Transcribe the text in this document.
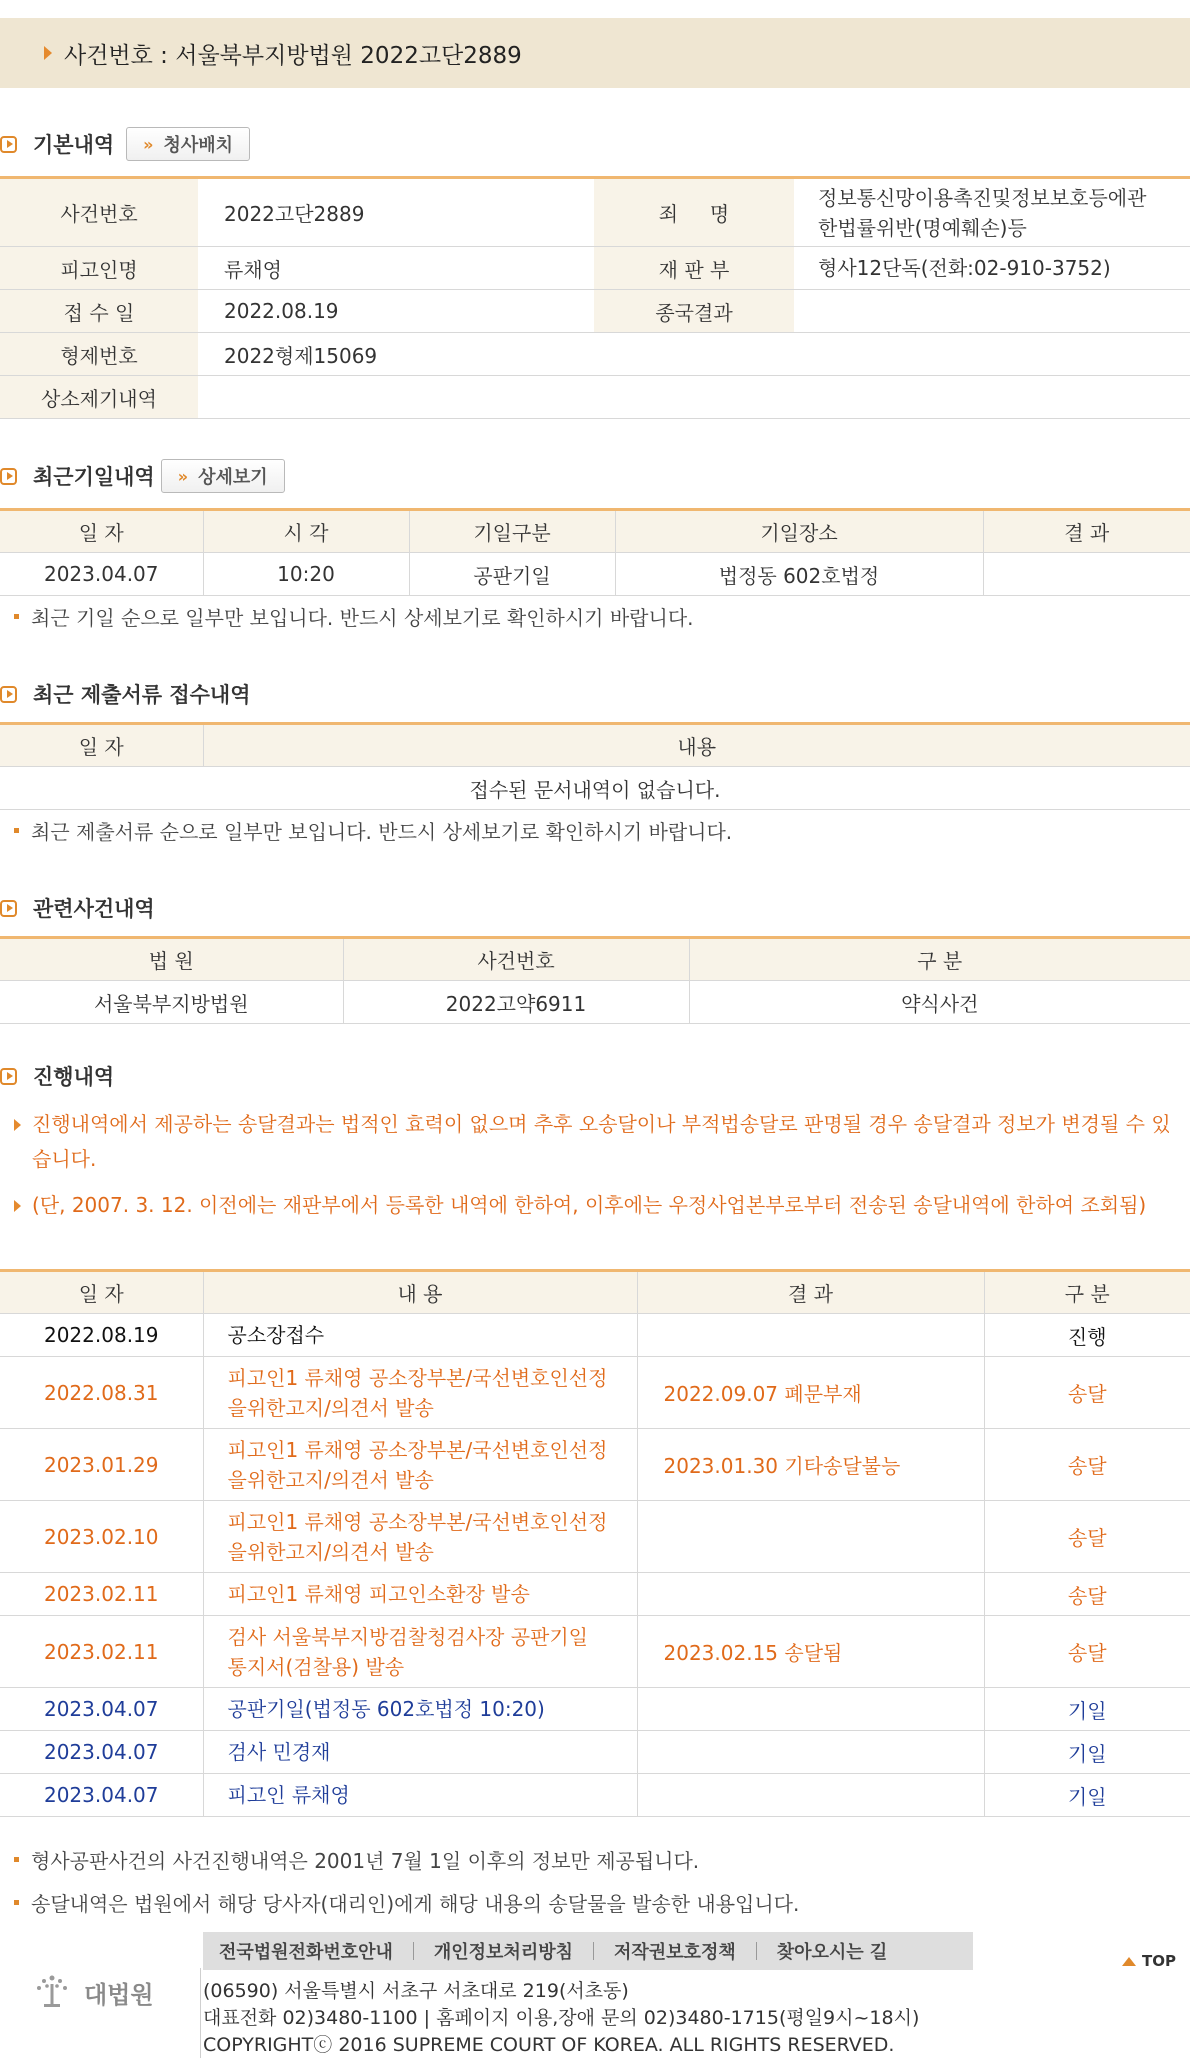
사건번호 : 서울북부지방법원 2022고단2889
기본내역 » 청사배치
사건번호	2022고단2889	죄     명	정보통신망이용촉진및정보보호등에관
한법률위반(명예훼손)등

피고인명	류채영	재 판 부	형사12단독(전화:02-910-3752)
접 수 일	2022.08.19	종국결과	
형제번호	2022형제15069		
상소제기내역			
최근기일내역 » 상세보기
일 자	시 각	기일구분	기일장소	결 과
2023.04.07	10:20	공판기일	법정동 602호법정	
최근 기일 순으로 일부만 보입니다. 반드시 상세보기로 확인하시기 바랍니다.
최근 제출서류 접수내역
일 자	내용
접수된 문서내역이 없습니다.
최근 제출서류 순으로 일부만 보입니다. 반드시 상세보기로 확인하시기 바랍니다.
관련사건내역
법 원	사건번호	구 분
서울북부지방법원	2022고약6911	약식사건
진행내역
진행내역에서 제공하는 송달결과는 법적인 효력이 없으며 추후 오송달이나 부적법송달로 판명될 경우 송달결과 정보가 변경될 수 있습니다.
(단, 2007. 3. 12. 이전에는 재판부에서 등록한 내역에 한하여, 이후에는 우정사업본부로부터 전송된 송달내역에 한하여 조회됨)
일 자	내 용	결 과	구 분
2022.08.19	공소장접수		진행
2022.08.31	피고인1 류채영 공소장부본/국선변호인선정
을위한고지/의견서 발송	2022.09.07 폐문부재	송달
2023.01.29	피고인1 류채영 공소장부본/국선변호인선정
을위한고지/의견서 발송	2023.01.30 기타송달불능	송달
2023.02.10	피고인1 류채영 공소장부본/국선변호인선정
을위한고지/의견서 발송		송달
2023.02.11	피고인1 류채영 피고인소환장 발송		송달
2023.02.11	검사 서울북부지방검찰청검사장 공판기일
통지서(검찰용) 발송	2023.02.15 송달됨	송달
2023.04.07	공판기일(법정동 602호법정 10:20)		기일
2023.04.07	검사 민경재		기일
2023.04.07	피고인 류채영		기일
형사공판사건의 사건진행내역은 2001년 7월 1일 이후의 정보만 제공됩니다.
송달내역은 법원에서 해당 당사자(대리인)에게 해당 내용의 송달물을 발송한 내용입니다.
전국법원전화번호안내 개인정보처리방침 저작권보호정책 찾아오시는 길
대법원	(06590) 서울특별시 서초구 서초대로 219(서초동)
대표전화 02)3480-1100 | 홈페이지 이용,장애 문의 02)3480-1715(평일9시~18시)
COPYRIGHTⓒ 2016 SUPREME COURT OF KOREA. ALL RIGHTS RESERVED.
TOP
